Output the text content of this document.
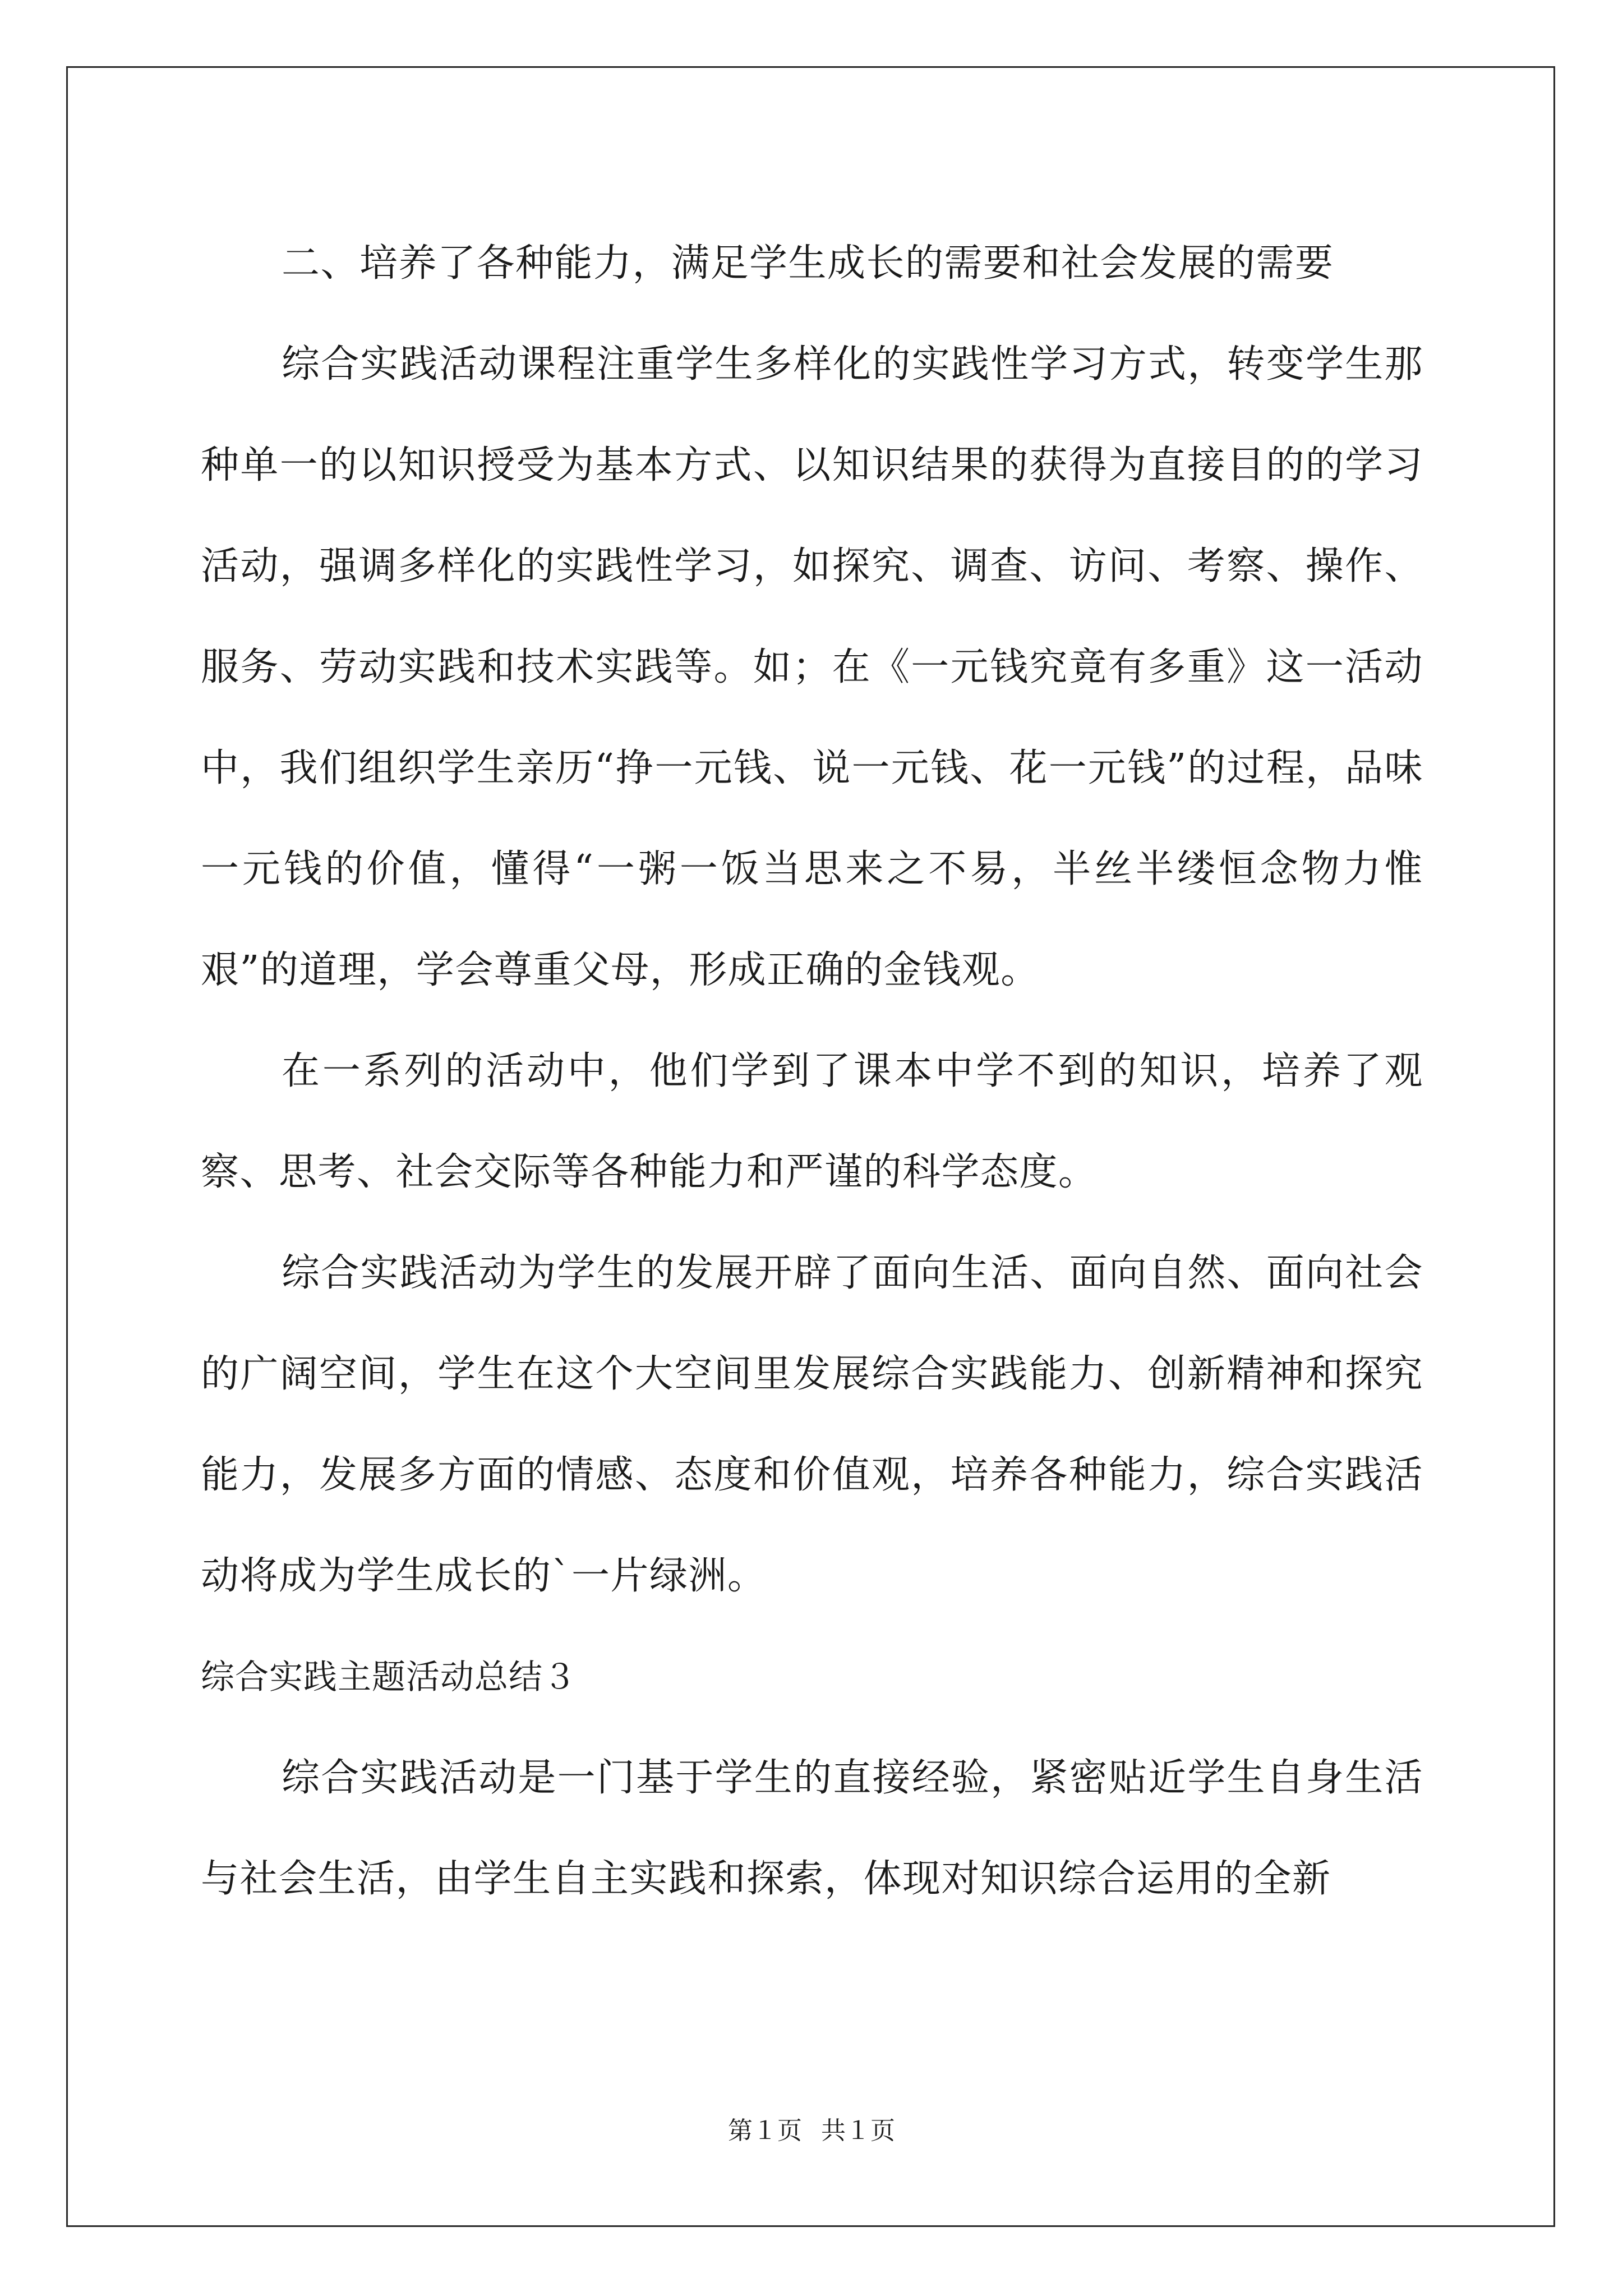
二、培养了各种能力，满足学生成长的需要和社会发展的需要

综合实践活动课程注重学生多样化的实践性学习方式，转变学生那种单一的以知识授受为基本方式、以知识结果的获得为直接目的的学习活动，强调多样化的实践性学习，如探究、调查、访问、考察、操作、服务、劳动实践和技术实践等。如；在《一元钱究竟有多重》这一活动中，我们组织学生亲历“挣一元钱、说一元钱、花一元钱”的过程，品味一元钱的价值，懂得“一粥一饭当思来之不易，半丝半缕恒念物力惟艰”的道理，学会尊重父母，形成正确的金钱观。

在一系列的活动中，他们学到了课本中学不到的知识，培养了观察、思考、社会交际等各种能力和严谨的科学态度。

综合实践活动为学生的发展开辟了面向生活、面向自然、面向社会的广阔空间，学生在这个大空间里发展综合实践能力、创新精神和探究能力，发展多方面的情感、态度和价值观，培养各种能力，综合实践活动将成为学生成长的`一片绿洲。

综合实践主题活动总结３

综合实践活动是一门基于学生的直接经验，紧密贴近学生自身生活与社会生活，由学生自主实践和探索，体现对知识综合运用的全新

第１页 共１页
